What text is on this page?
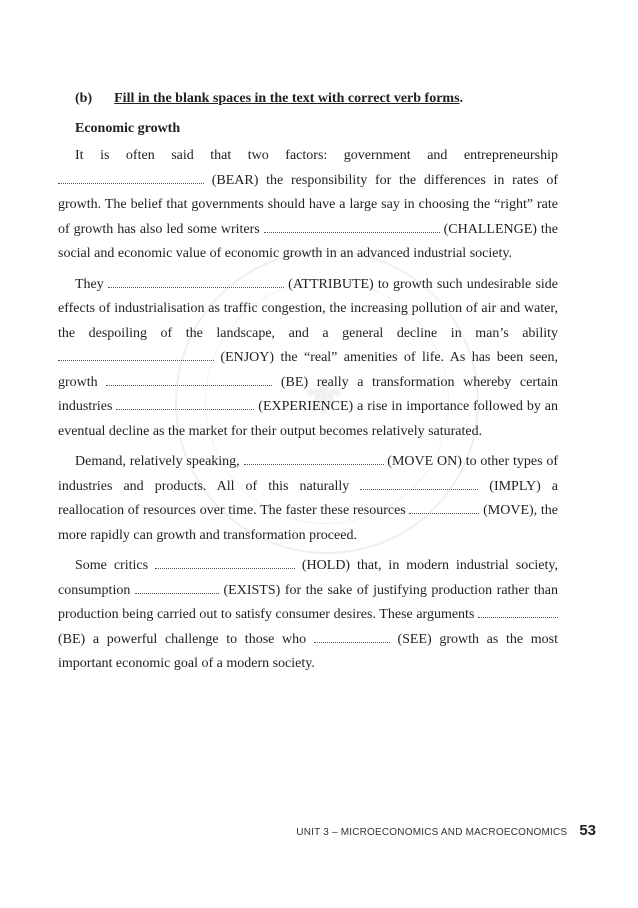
⚜
(b) Fill in the blank spaces in the text with correct verb forms.
Economic growth

It is often said that two factors: government and entrepreneurship  (BEAR) the responsibility for the differences in rates of growth. The belief that governments should have a large say in choosing the “right” rate of growth has also led some writers	(CHALLENGE) the social and economic value of economic growth in an advanced industrial society.

They	(ATTRIBUTE) to growth such undesirable side effects of industrialisation as traffic congestion, the increasing pollution of air and water, the despoiling of the landscape, and a general decline in man’s ability  (ENJOY) the “real” amenities of life. As has been seen, growth	(BE) really a transformation whereby certain industries	(EXPERIENCE) a rise in importance followed by an eventual decline as the market for their output becomes relatively saturated.

Demand, relatively speaking,	(MOVE ON) to other types of industries and products. All of this naturally	(IMPLY) a reallocation of resources over time. The faster these resources	(MOVE), the more rapidly can growth and transformation proceed.

Some critics	(HOLD) that, in modern industrial society, consumption	(EXISTS) for the sake of justifying production rather than production being carried out to satisfy consumer desires. These arguments  (BE) a powerful challenge to those who	(SEE) growth as the most important economic goal of a modern society.

UNIT 3 – MICROECONOMICS AND MACROECONOMICS 53
